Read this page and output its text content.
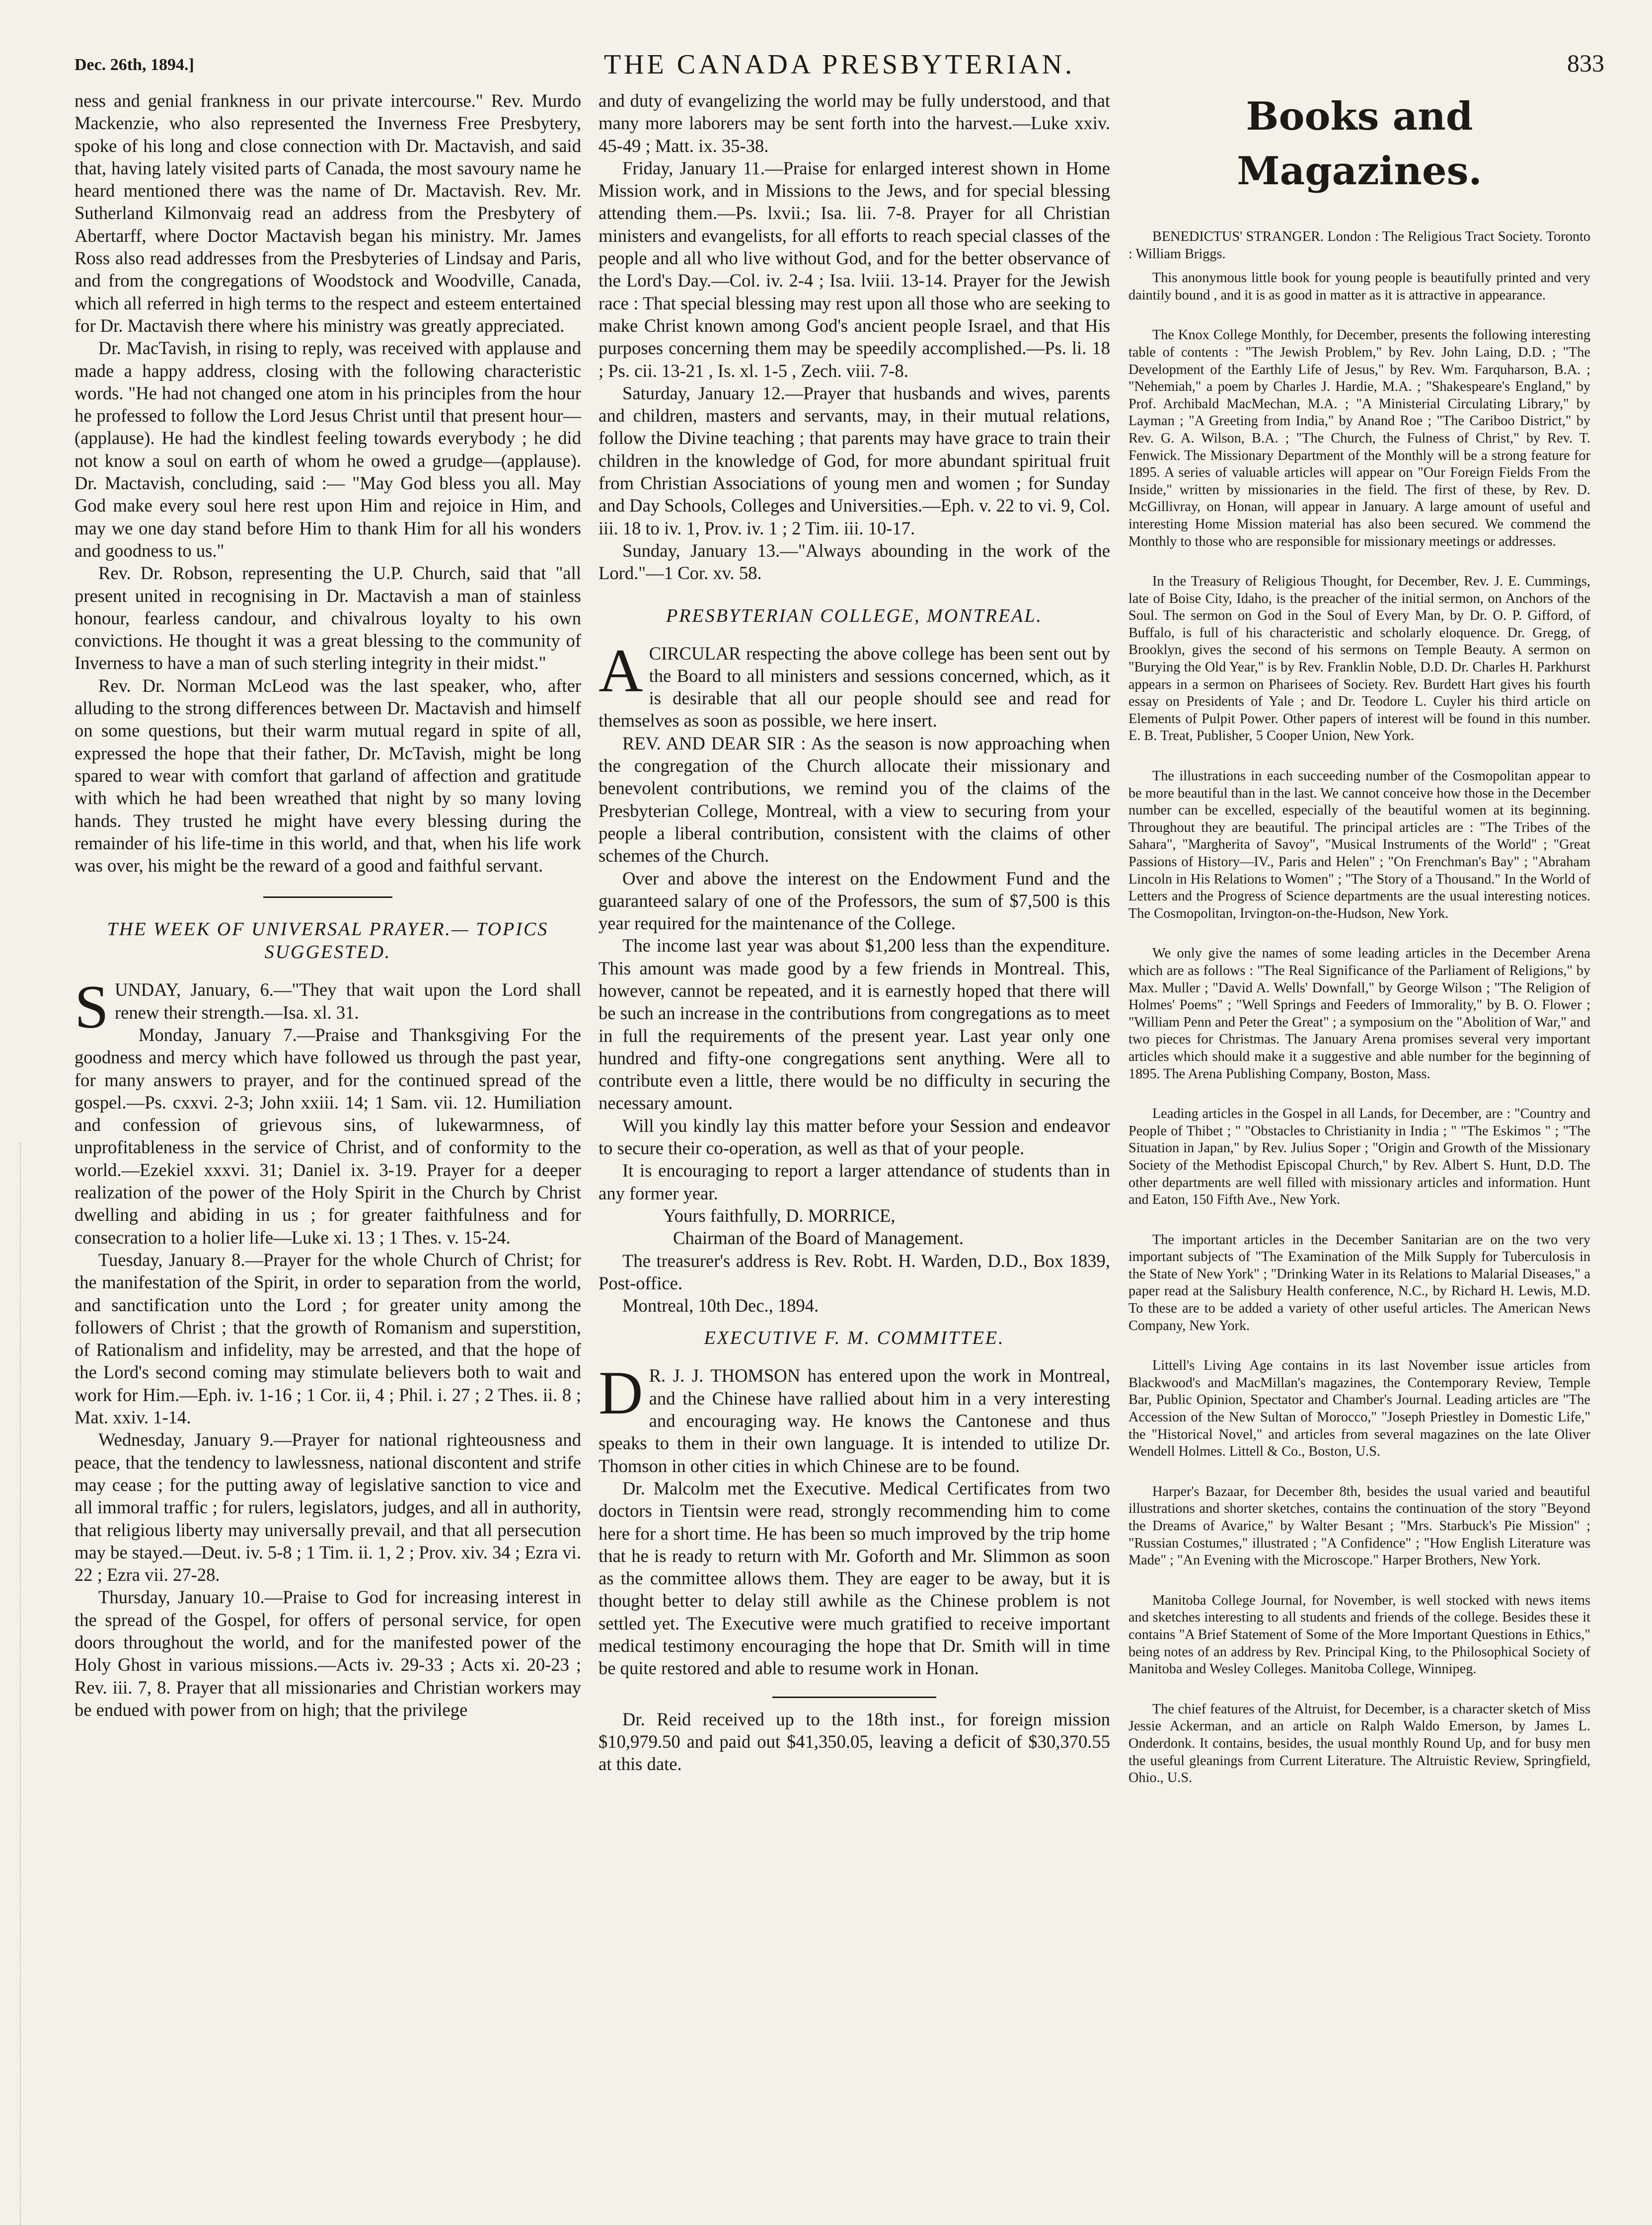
Dec. 26th, 1894.]	THE CANADA PRESBYTERIAN.	833

ness and genial frankness in our private intercourse." Rev. Murdo Mackenzie, who also represented the Inverness Free Presbytery, spoke of his long and close connection with Dr. Mactavish, and said that, having lately visited parts of Canada, the most savoury name he heard mentioned there was the name of Dr. Mactavish. Rev. Mr. Sutherland Kilmonvaig read an address from the Presbytery of Abertarff, where Doctor Mactavish began his ministry. Mr. James Ross also read addresses from the Presbyteries of Lindsay and Paris, and from the congregations of Woodstock and Woodville, Canada, which all referred in high terms to the respect and esteem entertained for Dr. Mactavish there where his ministry was greatly appreciated.

Dr. MacTavish, in rising to reply, was received with applause and made a happy address, closing with the following characteristic words. "He had not changed one atom in his principles from the hour he professed to follow the Lord Jesus Christ until that present hour—(applause). He had the kindlest feeling towards everybody ; he did not know a soul on earth of whom he owed a grudge—(applause). Dr. Mactavish, concluding, said :— "May God bless you all. May God make every soul here rest upon Him and rejoice in Him, and may we one day stand before Him to thank Him for all his wonders and goodness to us."

Rev. Dr. Robson, representing the U.P. Church, said that "all present united in recognising in Dr. Mactavish a man of stainless honour, fearless candour, and chivalrous loyalty to his own convictions. He thought it was a great blessing to the community of Inverness to have a man of such sterling integrity in their midst."

Rev. Dr. Norman McLeod was the last speaker, who, after alluding to the strong differences between Dr. Mactavish and himself on some questions, but their warm mutual regard in spite of all, expressed the hope that their father, Dr. McTavish, might be long spared to wear with comfort that garland of affection and gratitude with which he had been wreathed that night by so many loving hands. They trusted he might have every blessing during the remainder of his life-time in this world, and that, when his life work was over, his might be the reward of a good and faithful servant.

THE WEEK OF UNIVERSAL PRAYER.— TOPICS SUGGESTED.

SUNDAY, January, 6.—"They that wait upon the Lord shall renew their strength.—Isa. xl. 31.

Monday, January 7.—Praise and Thanksgiving For the goodness and mercy which have followed us through the past year, for many answers to prayer, and for the continued spread of the gospel.—Ps. cxxvi. 2-3; John xxiii. 14; 1 Sam. vii. 12. Humiliation and confession of grievous sins, of lukewarmness, of unprofitableness in the service of Christ, and of conformity to the world.—Ezekiel xxxvi. 31; Daniel ix. 3-19. Prayer for a deeper realization of the power of the Holy Spirit in the Church by Christ dwelling and abiding in us ; for greater faithfulness and for consecration to a holier life—Luke xi. 13 ; 1 Thes. v. 15-24.

Tuesday, January 8.—Prayer for the whole Church of Christ; for the manifestation of the Spirit, in order to separation from the world, and sanctification unto the Lord ; for greater unity among the followers of Christ ; that the growth of Romanism and superstition, of Rationalism and infidelity, may be arrested, and that the hope of the Lord's second coming may stimulate believers both to wait and work for Him.—Eph. iv. 1-16 ; 1 Cor. ii, 4 ; Phil. i. 27 ; 2 Thes. ii. 8 ; Mat. xxiv. 1-14.

Wednesday, January 9.—Prayer for national righteousness and peace, that the tendency to lawlessness, national discontent and strife may cease ; for the putting away of legislative sanction to vice and all immoral traffic ; for rulers, legislators, judges, and all in authority, that religious liberty may universally prevail, and that all persecution may be stayed.—Deut. iv. 5-8 ; 1 Tim. ii. 1, 2 ; Prov. xiv. 34 ; Ezra vi. 22 ; Ezra vii. 27-28.

Thursday, January 10.—Praise to God for increasing interest in the spread of the Gospel, for offers of personal service, for open doors throughout the world, and for the manifested power of the Holy Ghost in various missions.—Acts iv. 29-33 ; Acts xi. 20-23 ; Rev. iii. 7, 8. Prayer that all missionaries and Christian workers may be endued with power from on high; that the privilege

and duty of evangelizing the world may be fully understood, and that many more laborers may be sent forth into the harvest.—Luke xxiv. 45-49 ; Matt. ix. 35-38.

Friday, January 11.—Praise for enlarged interest shown in Home Mission work, and in Missions to the Jews, and for special blessing attending them.—Ps. lxvii.; Isa. lii. 7-8. Prayer for all Christian ministers and evangelists, for all efforts to reach special classes of the people and all who live without God, and for the better observance of the Lord's Day.—Col. iv. 2-4 ; Isa. lviii. 13-14. Prayer for the Jewish race : That special blessing may rest upon all those who are seeking to make Christ known among God's ancient people Israel, and that His purposes concerning them may be speedily accomplished.—Ps. li. 18 ; Ps. cii. 13-21 , Is. xl. 1-5 , Zech. viii. 7-8.

Saturday, January 12.—Prayer that husbands and wives, parents and children, masters and servants, may, in their mutual relations, follow the Divine teaching ; that parents may have grace to train their children in the knowledge of God, for more abundant spiritual fruit from Christian Associations of young men and women ; for Sunday and Day Schools, Colleges and Universities.—Eph. v. 22 to vi. 9, Col. iii. 18 to iv. 1, Prov. iv. 1 ; 2 Tim. iii. 10-17.

Sunday, January 13.—"Always abounding in the work of the Lord."—1 Cor. xv. 58.

PRESBYTERIAN COLLEGE, MONTREAL.

ACIRCULAR respecting the above college has been sent out by the Board to all ministers and sessions concerned, which, as it is desirable that all our people should see and read for themselves as soon as possible, we here insert.

REV. AND DEAR SIR : As the season is now approaching when the congregation of the Church allocate their missionary and benevolent contributions, we remind you of the claims of the Presbyterian College, Montreal, with a view to securing from your people a liberal contribution, consistent with the claims of other schemes of the Church.

Over and above the interest on the Endowment Fund and the guaranteed salary of one of the Professors, the sum of $7,500 is this year required for the maintenance of the College.

The income last year was about $1,200 less than the expenditure. This amount was made good by a few friends in Montreal. This, however, cannot be repeated, and it is earnestly hoped that there will be such an increase in the contributions from congregations as to meet in full the requirements of the present year. Last year only one hundred and fifty-one congregations sent anything. Were all to contribute even a little, there would be no difficulty in securing the necessary amount.

Will you kindly lay this matter before your Session and endeavor to secure their co-operation, as well as that of your people.

It is encouraging to report a larger attendance of students than in any former year.

Yours faithfully, D. MORRICE,
Chairman of the Board of Management.

The treasurer's address is Rev. Robt. H. Warden, D.D., Box 1839, Post-office.

Montreal, 10th Dec., 1894.

EXECUTIVE F. M. COMMITTEE.

D R. J. J. THOMSON has entered upon the work in Montreal, and the Chinese have rallied about him in a very interesting and encouraging way. He knows the Cantonese and thus speaks to them in their own language. It is intended to utilize Dr. Thomson in other cities in which Chinese are to be found.

Dr. Malcolm met the Executive. Medical Certificates from two doctors in Tientsin were read, strongly recommending him to come here for a short time. He has been so much improved by the trip home that he is ready to return with Mr. Goforth and Mr. Slimmon as soon as the committee allows them. They are eager to be away, but it is thought better to delay still awhile as the Chinese problem is not settled yet. The Executive were much gratified to receive important medical testimony encouraging the hope that Dr. Smith will in time be quite restored and able to resume work in Honan.

Dr. Reid received up to the 18th inst., for foreign mission $10,979.50 and paid out $41,350.05, leaving a deficit of $30,370.55 at this date.

Books and Magazines.

BENEDICTUS' STRANGER. London : The Religious Tract Society. Toronto : William Briggs.

This anonymous little book for young people is beautifully printed and very daintily bound , and it is as good in matter as it is attractive in appearance.

The Knox College Monthly, for December, presents the following interesting table of contents : "The Jewish Problem," by Rev. John Laing, D.D. ; "The Development of the Earthly Life of Jesus," by Rev. Wm. Farquharson, B.A. ; "Nehemiah," a poem by Charles J. Hardie, M.A. ; "Shakespeare's England," by Prof. Archibald MacMechan, M.A. ; "A Ministerial Circulating Library," by Layman ; "A Greeting from India," by Anand Roe ; "The Cariboo District," by Rev. G. A. Wilson, B.A. ; "The Church, the Fulness of Christ," by Rev. T. Fenwick. The Missionary Department of the Monthly will be a strong feature for 1895. A series of valuable articles will appear on "Our Foreign Fields From the Inside," written by missionaries in the field. The first of these, by Rev. D. McGillivray, on Honan, will appear in January. A large amount of useful and interesting Home Mission material has also been secured. We commend the Monthly to those who are responsible for missionary meetings or addresses.

In the Treasury of Religious Thought, for December, Rev. J. E. Cummings, late of Boise City, Idaho, is the preacher of the initial sermon, on Anchors of the Soul. The sermon on God in the Soul of Every Man, by Dr. O. P. Gifford, of Buffalo, is full of his characteristic and scholarly eloquence. Dr. Gregg, of Brooklyn, gives the second of his sermons on Temple Beauty. A sermon on "Burying the Old Year," is by Rev. Franklin Noble, D.D. Dr. Charles H. Parkhurst appears in a sermon on Pharisees of Society. Rev. Burdett Hart gives his fourth essay on Presidents of Yale ; and Dr. Teodore L. Cuyler his third article on Elements of Pulpit Power. Other papers of interest will be found in this number. E. B. Treat, Publisher, 5 Cooper Union, New York.

The illustrations in each succeeding number of the Cosmopolitan appear to be more beautiful than in the last. We cannot conceive how those in the December number can be excelled, especially of the beautiful women at its beginning. Throughout they are beautiful. The principal articles are : "The Tribes of the Sahara", "Margherita of Savoy", "Musical Instruments of the World" ; "Great Passions of History—IV., Paris and Helen" ; "On Frenchman's Bay" ; "Abraham Lincoln in His Relations to Women" ; "The Story of a Thousand." In the World of Letters and the Progress of Science departments are the usual interesting notices. The Cosmopolitan, Irvington-on-the-Hudson, New York.

We only give the names of some leading articles in the December Arena which are as follows : "The Real Significance of the Parliament of Religions," by Max. Muller ; "David A. Wells' Downfall," by George Wilson ; "The Religion of Holmes' Poems" ; "Well Springs and Feeders of Immorality," by B. O. Flower ; "William Penn and Peter the Great" ; a symposium on the "Abolition of War," and two pieces for Christmas. The January Arena promises several very important articles which should make it a suggestive and able number for the beginning of 1895. The Arena Publishing Company, Boston, Mass.

Leading articles in the Gospel in all Lands, for December, are : "Country and People of Thibet ; " "Obstacles to Christianity in India ; " "The Eskimos " ; "The Situation in Japan," by Rev. Julius Soper ; "Origin and Growth of the Missionary Society of the Methodist Episcopal Church," by Rev. Albert S. Hunt, D.D. The other departments are well filled with missionary articles and information. Hunt and Eaton, 150 Fifth Ave., New York.

The important articles in the December Sanitarian are on the two very important subjects of "The Examination of the Milk Supply for Tuberculosis in the State of New York" ; "Drinking Water in its Relations to Malarial Diseases," a paper read at the Salisbury Health conference, N.C., by Richard H. Lewis, M.D. To these are to be added a variety of other useful articles. The American News Company, New York.

Littell's Living Age contains in its last November issue articles from Blackwood's and MacMillan's magazines, the Contemporary Review, Temple Bar, Public Opinion, Spectator and Chamber's Journal. Leading articles are "The Accession of the New Sultan of Morocco," "Joseph Priestley in Domestic Life," the "Historical Novel," and articles from several magazines on the late Oliver Wendell Holmes. Littell & Co., Boston, U.S.

Harper's Bazaar, for December 8th, besides the usual varied and beautiful illustrations and shorter sketches, contains the continuation of the story "Beyond the Dreams of Avarice," by Walter Besant ; "Mrs. Starbuck's Pie Mission" ; "Russian Costumes," illustrated ; "A Confidence" ; "How English Literature was Made" ; "An Evening with the Microscope." Harper Brothers, New York.

Manitoba College Journal, for November, is well stocked with news items and sketches interesting to all students and friends of the college. Besides these it contains "A Brief Statement of Some of the More Important Questions in Ethics," being notes of an address by Rev. Principal King, to the Philosophical Society of Manitoba and Wesley Colleges. Manitoba College, Winnipeg.

The chief features of the Altruist, for December, is a character sketch of Miss Jessie Ackerman, and an article on Ralph Waldo Emerson, by James L. Onderdonk. It contains, besides, the usual monthly Round Up, and for busy men the useful gleanings from Current Literature. The Altruistic Review, Springfield, Ohio., U.S.
